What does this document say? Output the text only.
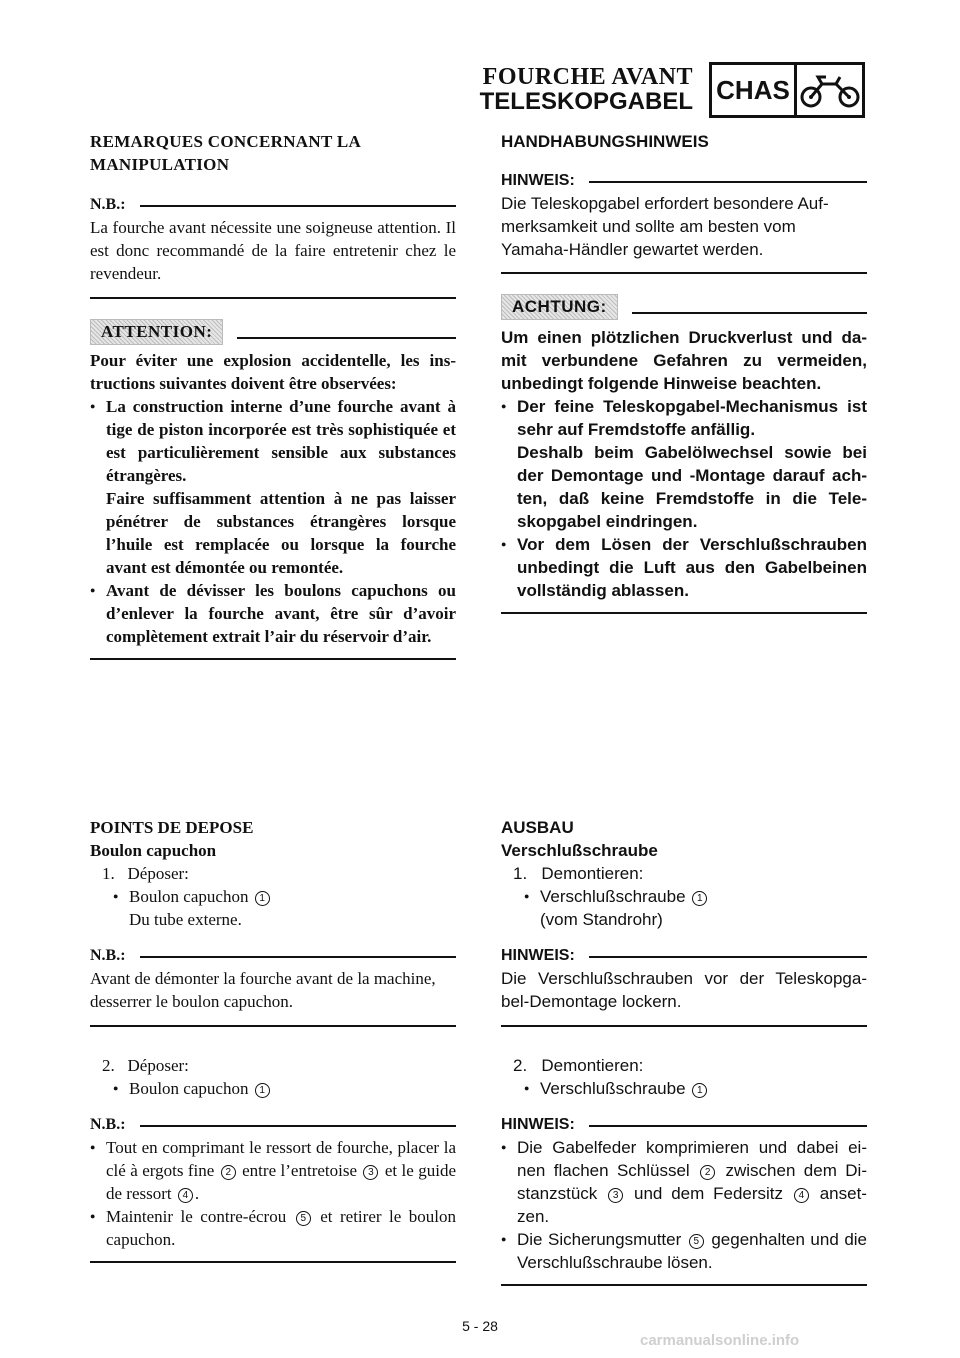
FOURCHE AVANT
TELESKOPGABEL CHAS
REMARQUES CONCERNANT LA MANIPULATION
N.B.:

La fourche avant nécessite une soigneuse attention. Il est donc recommandé de la faire entretenir chez le revendeur.

ATTENTION:

Pour éviter une explosion accidentelle, les ins-tructions suivantes doivent être observées:

● La construction interne d’une fourche avant à tige de piston incorporée est très sophistiquée et est particulièrement sensible aux substances étrangères.

Faire suffisamment attention à ne pas laisser pénétrer de substances étrangères lorsque l’huile est remplacée ou lorsque la fourche avant est démontée ou remontée.

● Avant de dévisser les boulons capuchons ou d’enlever la fourche avant, être sûr d’avoir complètement extrait l’air du réservoir d’air.

HANDHABUNGSHINWEIS
HINWEIS:

Die Teleskopgabel erfordert besondere Auf-merksamkeit und sollte am besten vom Yamaha-Händler gewartet werden.

ACHTUNG:

Um einen plötzlichen Druckverlust und da-mit verbundene Gefahren zu vermeiden, unbedingt folgende Hinweise beachten.

● Der feine Teleskopgabel-Mechanismus ist sehr auf Fremdstoffe anfällig.

Deshalb beim Gabelölwechsel sowie bei der Demontage und -Montage darauf ach-ten, daß keine Fremdstoffe in die Tele-skopgabel eindringen.

● Vor dem Lösen der Verschlußschrauben unbedingt die Luft aus den Gabelbeinen vollständig ablassen.

POINTS DE DEPOSE
Boulon capuchon
1. Déposer:
● Boulon capuchon 1
Du tube externe.
N.B.:

Avant de démonter la fourche avant de la machine, desserrer le boulon capuchon.

2. Déposer:
● Boulon capuchon 1
N.B.:

● Tout en comprimant le ressort de fourche, placer la clé à ergots fine 2 entre l’entretoise 3 et le guide de ressort 4 .

● Maintenir le contre-écrou 5 et retirer le boulon capuchon.

AUSBAU
Verschlußschraube
1. Demontieren:
● Verschlußschraube 1
(vom Standrohr)
HINWEIS:

Die Verschlußschrauben vor der Teleskopga-bel-Demontage lockern.

2. Demontieren:
● Verschlußschraube 1
HINWEIS:

● Die Gabelfeder komprimieren und dabei ei-nen flachen Schlüssel 2 zwischen dem Di-stanzstück 3 und dem Federsitz 4 anset-zen.

● Die Sicherungsmutter 5 gegenhalten und die Verschlußschraube lösen.

5 - 28
carmanualsonline.info
